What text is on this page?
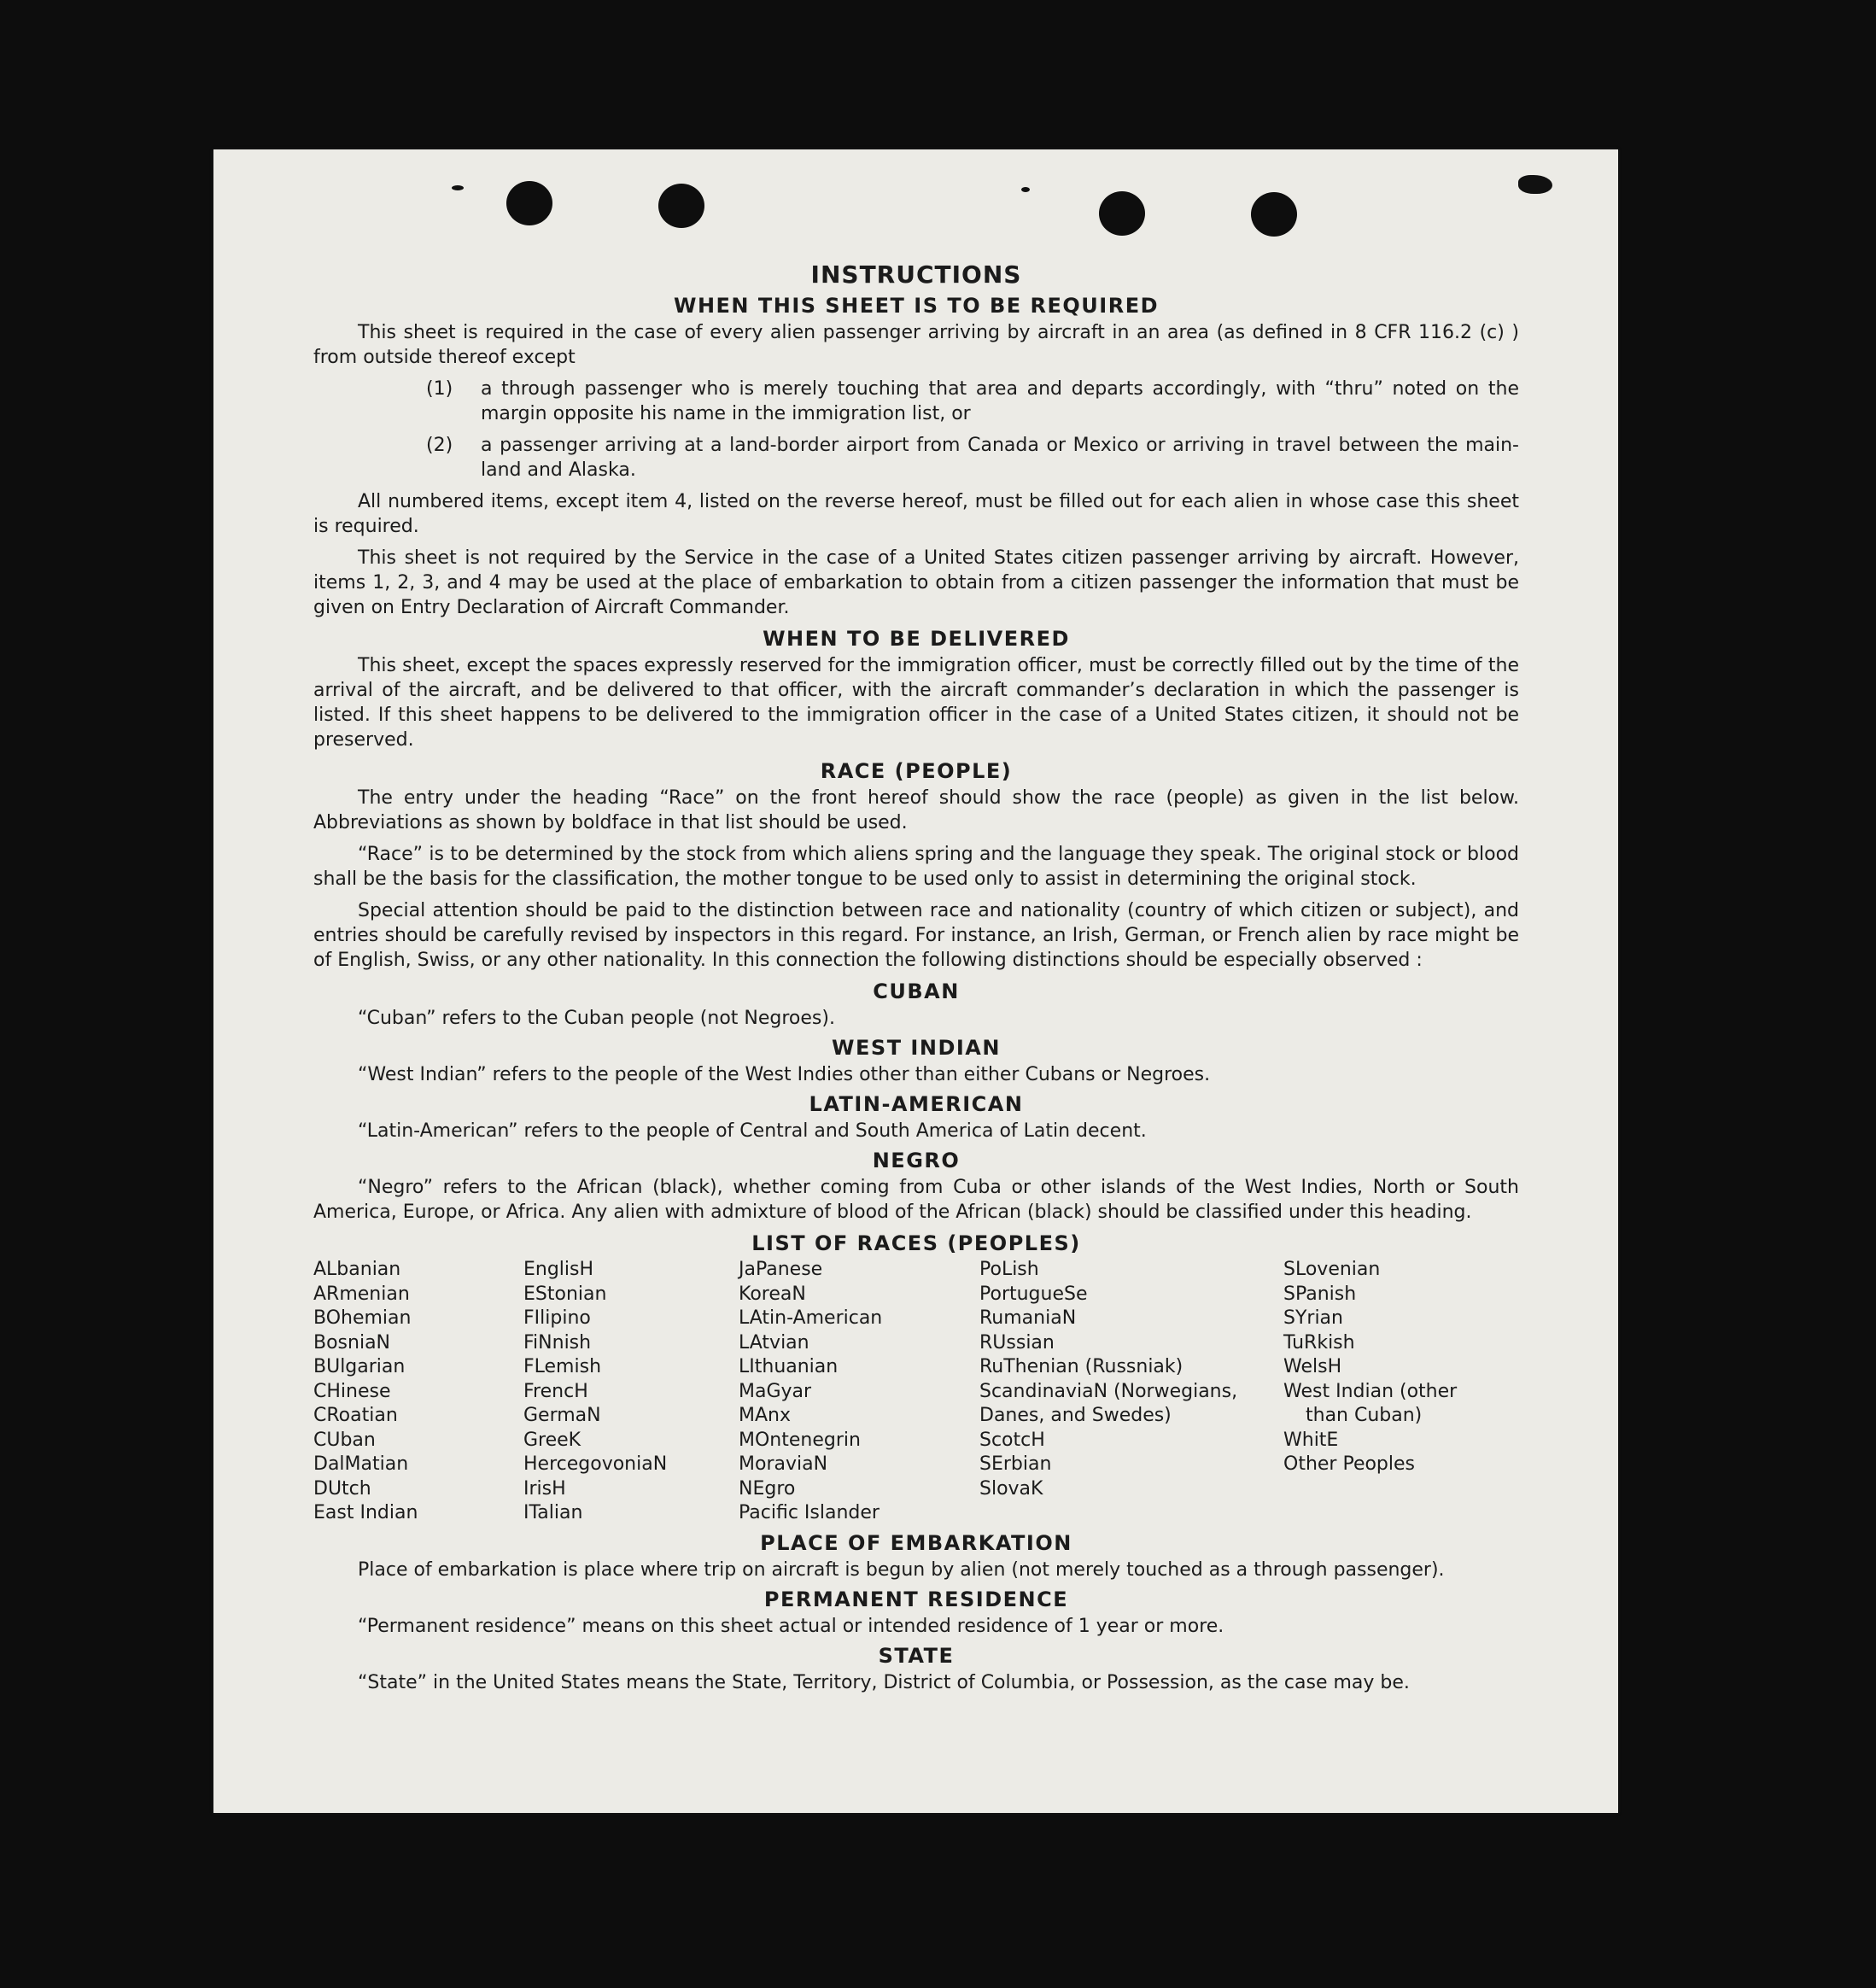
INSTRUCTIONS
WHEN THIS SHEET IS TO BE REQUIRED

This sheet is required in the case of every alien passenger arriving by aircraft in an area (as defined in 8 CFR 116.2 (c) ) from outside thereof except

(1)	a through passenger who is merely touching that area and departs accordingly, with “thru” noted on the margin opposite his name in the immigration list, or
(2)	a passenger arriving at a land-border airport from Canada or Mexico or arriving in travel between the main-land and Alaska.

All numbered items, except item 4, listed on the reverse hereof, must be filled out for each alien in whose case this sheet is required.

This sheet is not required by the Service in the case of a United States citizen passenger arriving by aircraft. However, items 1, 2, 3, and 4 may be used at the place of embarkation to obtain from a citizen passenger the information that must be given on Entry Declaration of Aircraft Commander.

WHEN TO BE DELIVERED

This sheet, except the spaces expressly reserved for the immigration officer, must be correctly filled out by the time of the arrival of the aircraft, and be delivered to that officer, with the aircraft commander’s declaration in which the passenger is listed. If this sheet happens to be delivered to the immigration officer in the case of a United States citizen, it should not be preserved.

RACE (PEOPLE)

The entry under the heading “Race” on the front hereof should show the race (people) as given in the list below. Abbreviations as shown by boldface in that list should be used.

“Race” is to be determined by the stock from which aliens spring and the language they speak. The original stock or blood shall be the basis for the classification, the mother tongue to be used only to assist in determining the original stock.

Special attention should be paid to the distinction between race and nationality (country of which citizen or subject), and entries should be carefully revised by inspectors in this regard. For instance, an Irish, German, or French alien by race might be of English, Swiss, or any other nationality. In this connection the following distinctions should be especially observed :

CUBAN
“Cuban” refers to the Cuban people (not Negroes).
WEST INDIAN
“West Indian” refers to the people of the West Indies other than either Cubans or Negroes.
LATIN-AMERICAN
“Latin-American” refers to the people of Central and South America of Latin decent.
NEGRO

“Negro” refers to the African (black), whether coming from Cuba or other islands of the West Indies, North or South America, Europe, or Africa. Any alien with admixture of blood of the African (black) should be classified under this heading.

LIST OF RACES (PEOPLES)
ALbanian
ARmenian
BOhemian
BosniaN
BUlgarian
CHinese
CRoatian
CUban
DalMatian
DUtch
East Indian
EnglisH
EStonian
FIlipino
FiNnish
FLemish
FrencH
GermaN
GreeK
HercegovoniaN
IrisH
ITalian
JaPanese
KoreaN
LAtin-American
LAtvian
LIthuanian
MaGyar
MAnx
MOntenegrin
MoraviaN
NEgro
Pacific Islander
PoLish
PortugueSe
RumaniaN
RUssian
RuThenian (Russniak)
ScandinaviaN (Norwegians, Danes, and Swedes)
ScotcH
SErbian
SlovaK
SLovenian
SPanish
SYrian
TuRkish
WelsH
West Indian (other
than Cuban)
WhitE
Other Peoples
PLACE OF EMBARKATION
Place of embarkation is place where trip on aircraft is begun by alien (not merely touched as a through passenger).
PERMANENT RESIDENCE
“Permanent residence” means on this sheet actual or intended residence of 1 year or more.
STATE
“State” in the United States means the State, Territory, District of Columbia, or Possession, as the case may be.
